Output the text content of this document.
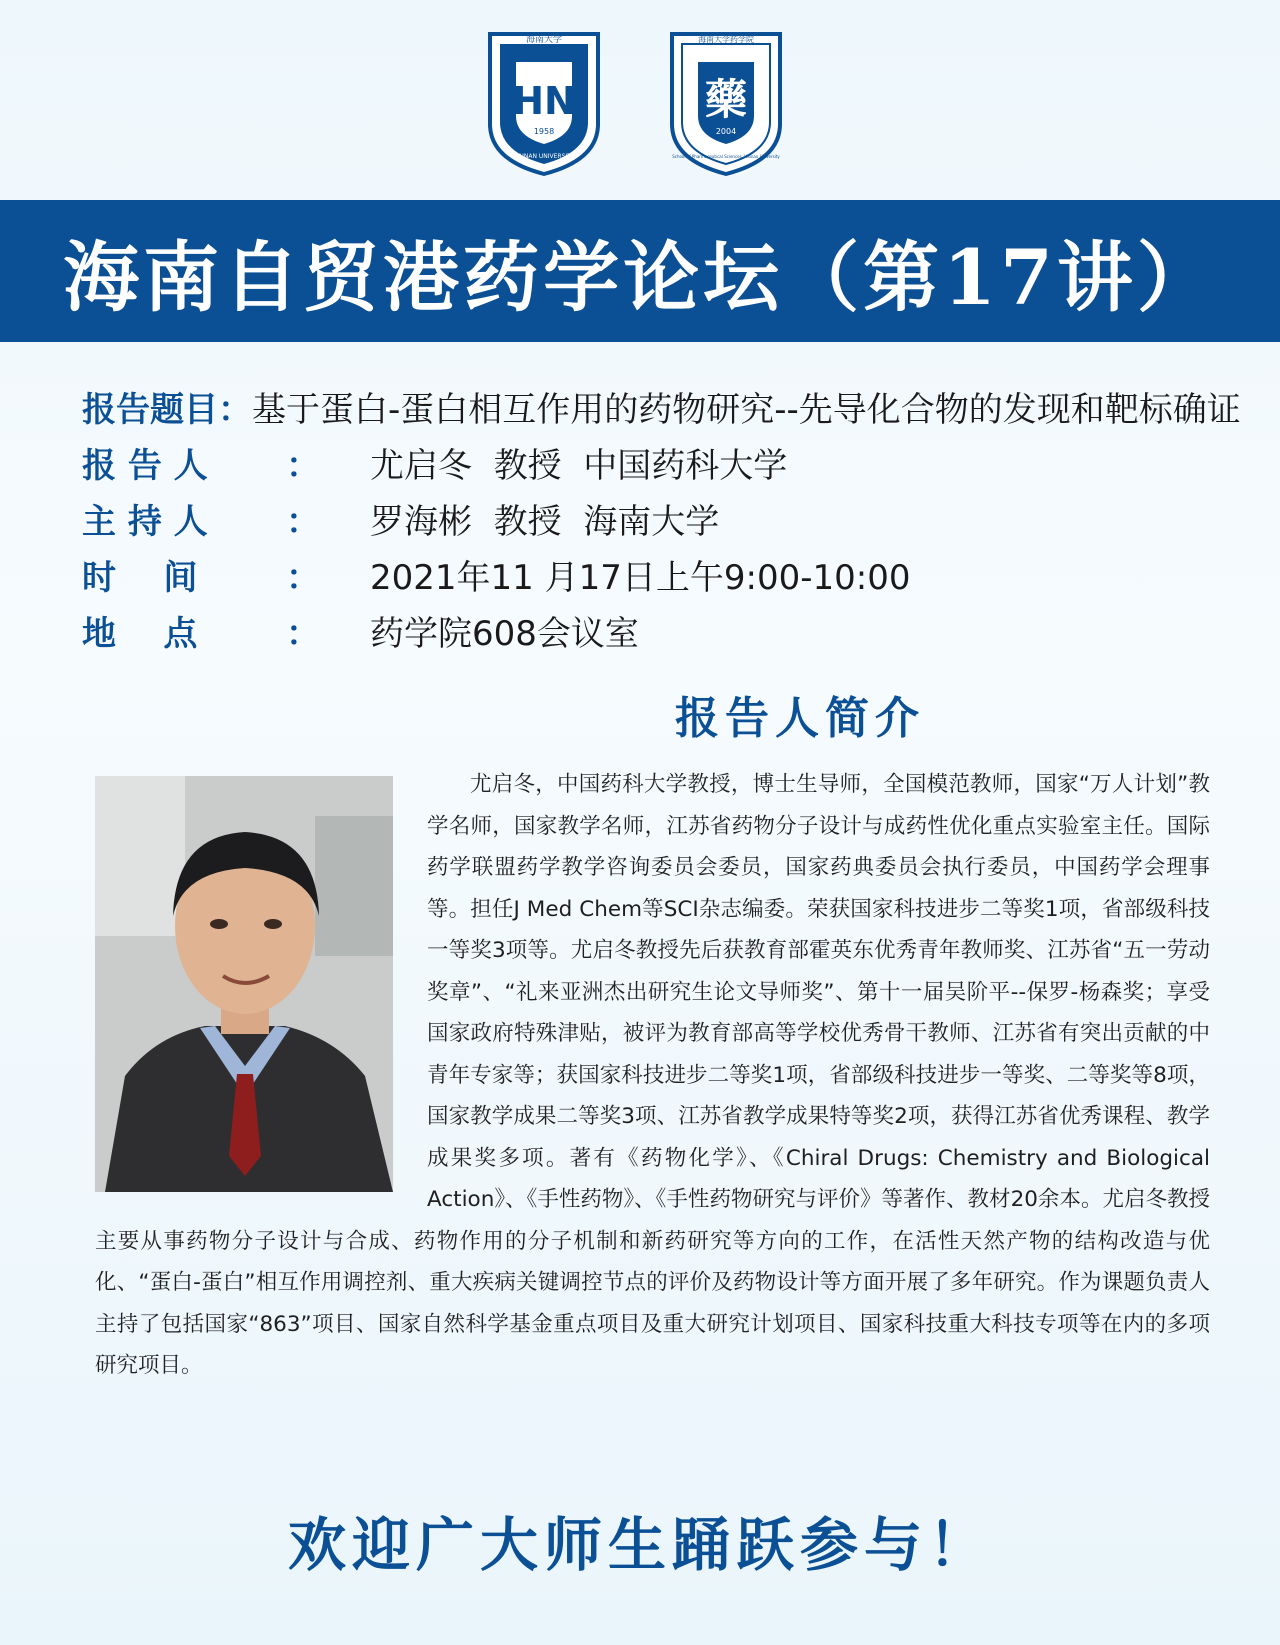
海南大学
HN
1958
HAINAN UNIVERSITY
海南大学药学院
藥
2004
School of Pharmaceutical Sciences, Hainan University
海南自贸港药学论坛（第17讲）
报告题目 ： 基于蛋白-蛋白相互作用的药物研究--先导化合物的发现和靶标确证
报 告 人	：	尤启冬  教授  中国药科大学
主 持 人	：	罗海彬  教授  海南大学
时    间	：	2021年11 月17日上午9:00-10:00
地    点	：	药学院608会议室
报告人简介

尤启冬，中国药科大学教授，博士生导师，全国模范教师，国家“万人计划”教学名师，国家教学名师，江苏省药物分子设计与成药性优化重点实验室主任。国际药学联盟药学教学咨询委员会委员，国家药典委员会执行委员，中国药学会理事等。担任J Med Chem等SCI杂志编委。荣获国家科技进步二等奖1项，省部级科技一等奖3项等。尤启冬教授先后获教育部霍英东优秀青年教师奖、江苏省“五一劳动奖章”、“礼来亚洲杰出研究生论文导师奖”、第十一届吴阶平--保罗-杨森奖；享受国家政府特殊津贴，被评为教育部高等学校优秀骨干教师、江苏省有突出贡献的中青年专家等；获国家科技进步二等奖1项，省部级科技进步一等奖、二等奖等8项，国家教学成果二等奖3项、江苏省教学成果特等奖2项，获得江苏省优秀课程、教学成果奖多项。著有《药物化学》、《Chiral Drugs: Chemistry and Biological Action》、《手性药物》、《手性药物研究与评价》等著作、教材20余本。尤启冬教授主要从事药物分子设计与合成、药物作用的分子机制和新药研究等方向的工作，在活性天然产物的结构改造与优化、“蛋白-蛋白”相互作用调控剂、重大疾病关键调控节点的评价及药物设计等方面开展了多年研究。作为课题负责人主持了包括国家“863”项目、国家自然科学基金重点项目及重大研究计划项目、国家科技重大科技专项等在内的多项研究项目。

欢迎广大师生踊跃参与！
